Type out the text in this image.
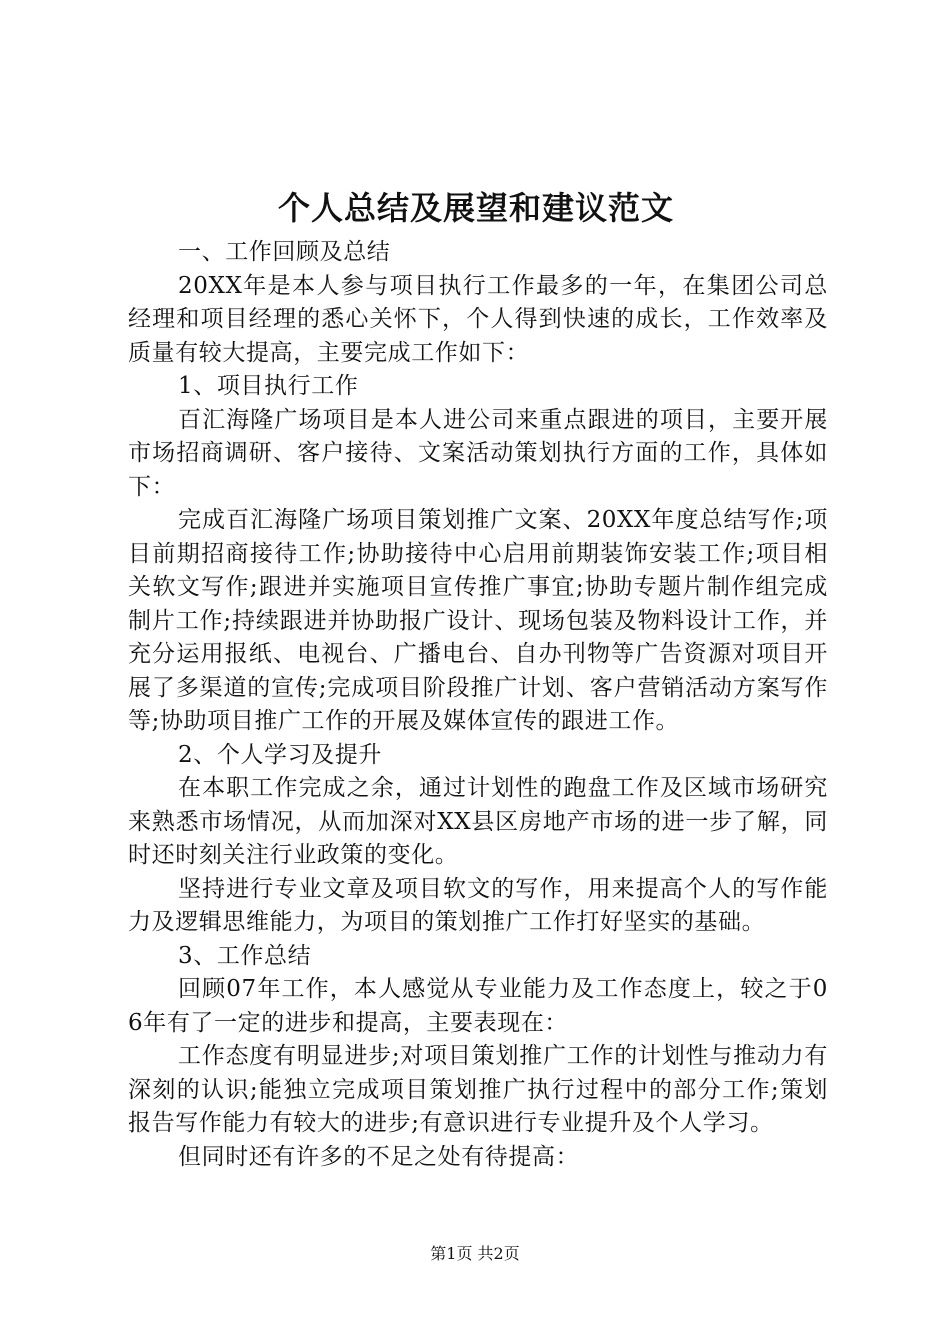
个人总结及展望和建议范文

一、工作回顾及总结

20XX年是本人参与项目执行工作最多的一年，在集团公司总经理和项目经理的悉心关怀下，个人得到快速的成长，工作效率及质量有较大提高，主要完成工作如下：

1、项目执行工作

百汇海隆广场项目是本人进公司来重点跟进的项目，主要开展市场招商调研、客户接待、文案活动策划执行方面的工作，具体如下：

完成百汇海隆广场项目策划推广文案、20XX年度总结写作;项目前期招商接待工作;协助接待中心启用前期装饰安装工作;项目相关软文写作;跟进并实施项目宣传推广事宜;协助专题片制作组完成制片工作;持续跟进并协助报广设计、现场包装及物料设计工作，并充分运用报纸、电视台、广播电台、自办刊物等广告资源对项目开展了多渠道的宣传;完成项目阶段推广计划、客户营销活动方案写作等;协助项目推广工作的开展及媒体宣传的跟进工作。

2、个人学习及提升

在本职工作完成之余，通过计划性的跑盘工作及区域市场研究来熟悉市场情况，从而加深对XX县区房地产市场的进一步了解，同时还时刻关注行业政策的变化。

坚持进行专业文章及项目软文的写作，用来提高个人的写作能力及逻辑思维能力，为项目的策划推广工作打好坚实的基础。

3、工作总结

回顾07年工作，本人感觉从专业能力及工作态度上，较之于06年有了一定的进步和提高，主要表现在：

工作态度有明显进步;对项目策划推广工作的计划性与推动力有深刻的认识;能独立完成项目策划推广执行过程中的部分工作;策划报告写作能力有较大的进步;有意识进行专业提升及个人学习。

但同时还有许多的不足之处有待提高：

第1页 共2页
